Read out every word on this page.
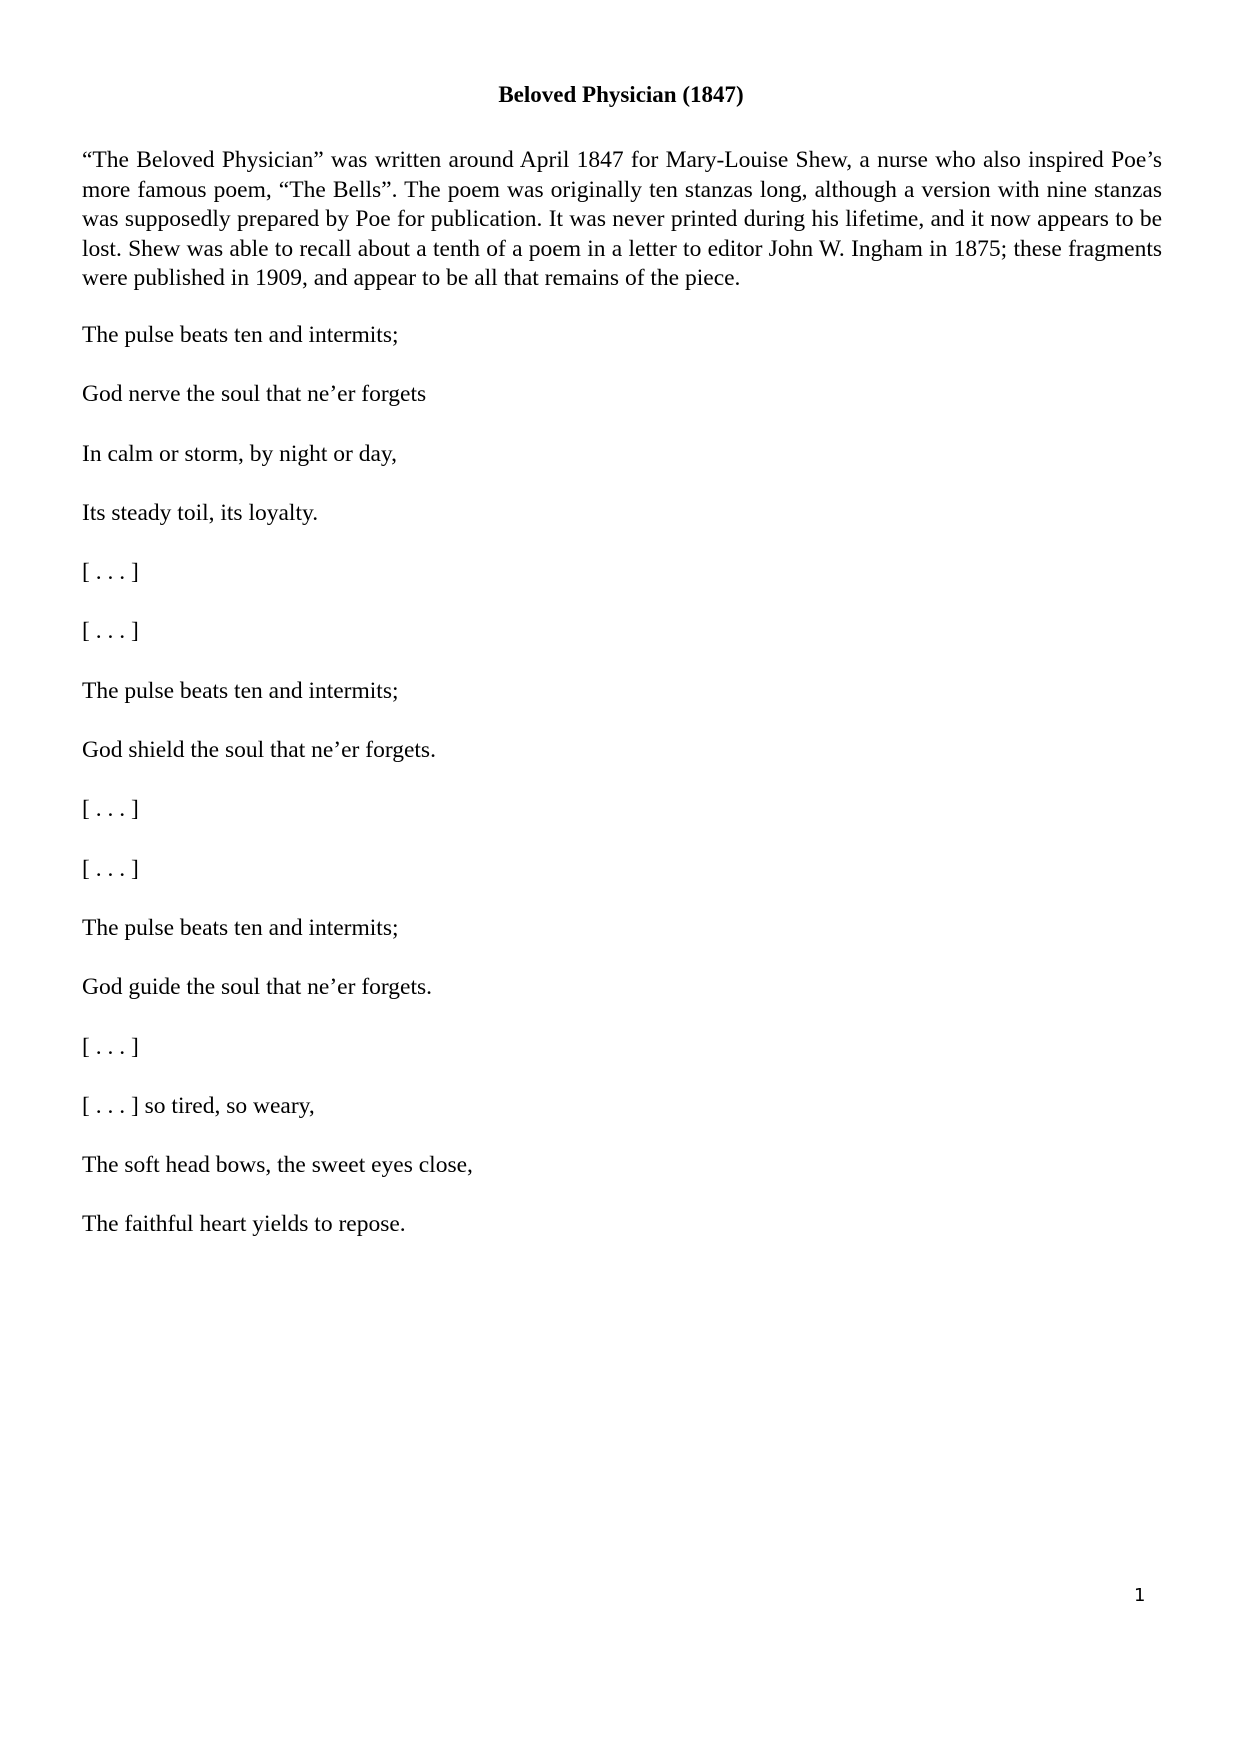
Beloved Physician (1847)

“The Beloved Physician” was written around April 1847 for Mary-Louise Shew, a nurse who also inspired Poe’s more famous poem, “The Bells”. The poem was originally ten stanzas long, although a version with nine stanzas was supposedly prepared by Poe for publication. It was never printed during his lifetime, and it now appears to be lost. Shew was able to recall about a tenth of a poem in a letter to editor John W. Ingham in 1875; these fragments were published in 1909, and appear to be all that remains of the piece.

The pulse beats ten and intermits;
God nerve the soul that ne’er forgets
In calm or storm, by night or day,
Its steady toil, its loyalty.
[ . . . ]
[ . . . ]
The pulse beats ten and intermits;
God shield the soul that ne’er forgets.
[ . . . ]
[ . . . ]
The pulse beats ten and intermits;
God guide the soul that ne’er forgets.
[ . . . ]
[ . . . ] so tired, so weary,
The soft head bows, the sweet eyes close,
The faithful heart yields to repose.

1
